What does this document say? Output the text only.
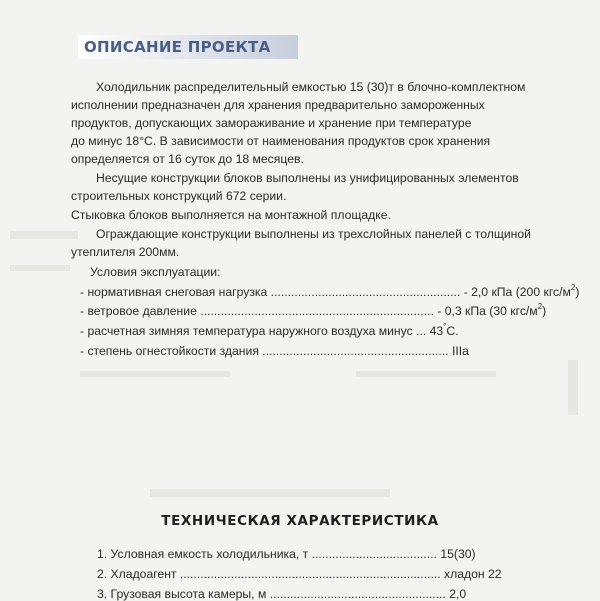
ОПИСАНИЕ ПРОЕКТА
Холодильник распределительный емкостью 15 (30)т в блочно-комплектном
исполнении предназначен для хранения предварительно замороженных
продуктов, допускающих замораживание и хранение при температуре
до минус 18°С. В зависимости от наименования продуктов срок хранения
определяется от 16 суток до 18 месяцев.
Несущие конструкции блоков выполнены из унифицированных элементов
строительных конструкций 672 серии.
Стыковка блоков выполняется на монтажной площадке.
Ограждающие конструкции выполнены из трехслойных панелей с толщиной
утеплителя 200мм.
Условия эксплуатации:
- нормативная снеговая нагрузка ........................................................ - 2,0 кПа (200 кгс/$м^2$)
- ветровое давление ..................................................................... - 0,3 кПа (30 кгс/$м^2$)
- расчетная зимняя температура наружного воздуха минус ... 43°С.
- степень огнестойкости здания ....................................................... IIIa
ТЕХНИЧЕСКАЯ ХАРАКТЕРИСТИКА
1. Условная емкость холодильника, т ..................................... 15(30)
2. Хладоагент ............................................................................. хладон 22
3. Грузовая высота камеры, м .................................................... 2,0
